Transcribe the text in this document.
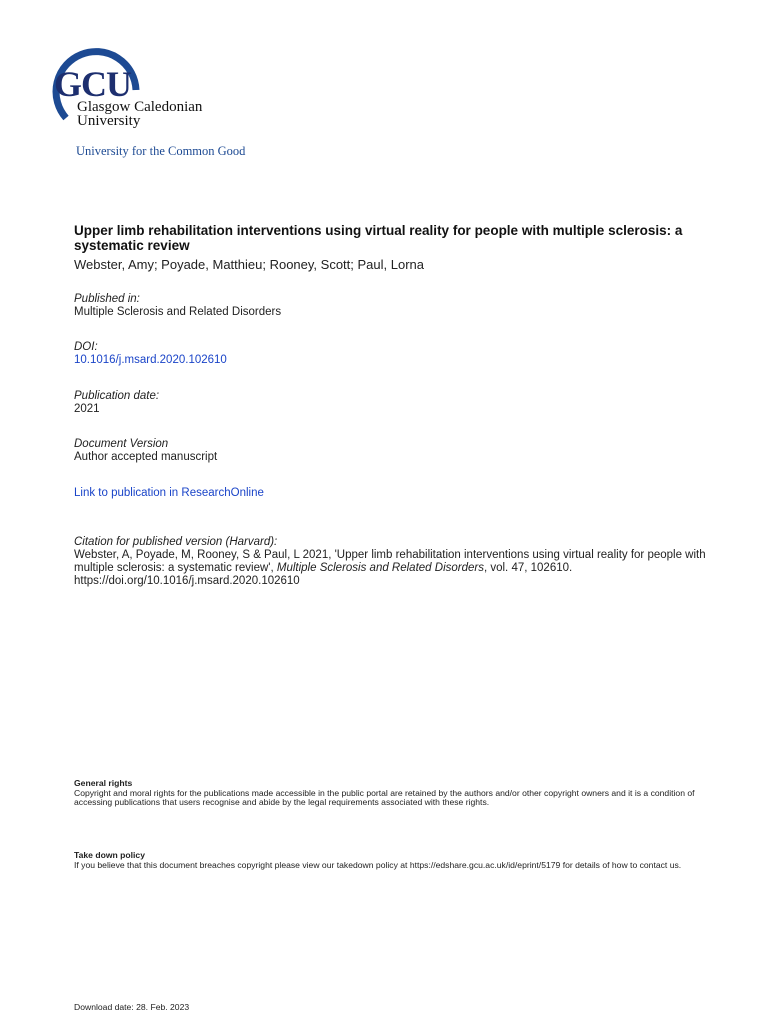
GCU
Glasgow Caledonian
University
University for the Common Good
Upper limb rehabilitation interventions using virtual reality for people with multiple sclerosis: a systematic review
Webster, Amy; Poyade, Matthieu; Rooney, Scott; Paul, Lorna
Published in:
Multiple Sclerosis and Related Disorders
DOI:
10.1016/j.msard.2020.102610
Publication date:
2021
Document Version
Author accepted manuscript
Link to publication in ResearchOnline
Citation for published version (Harvard):
Webster, A, Poyade, M, Rooney, S & Paul, L 2021, 'Upper limb rehabilitation interventions using virtual reality for people with multiple sclerosis: a systematic review', Multiple Sclerosis and Related Disorders, vol. 47, 102610. https://doi.org/10.1016/j.msard.2020.102610
General rights
Copyright and moral rights for the publications made accessible in the public portal are retained by the authors and/or other copyright owners and it is a condition of accessing publications that users recognise and abide by the legal requirements associated with these rights.
Take down policy
If you believe that this document breaches copyright please view our takedown policy at https://edshare.gcu.ac.uk/id/eprint/5179 for details of how to contact us.
Download date: 28. Feb. 2023
